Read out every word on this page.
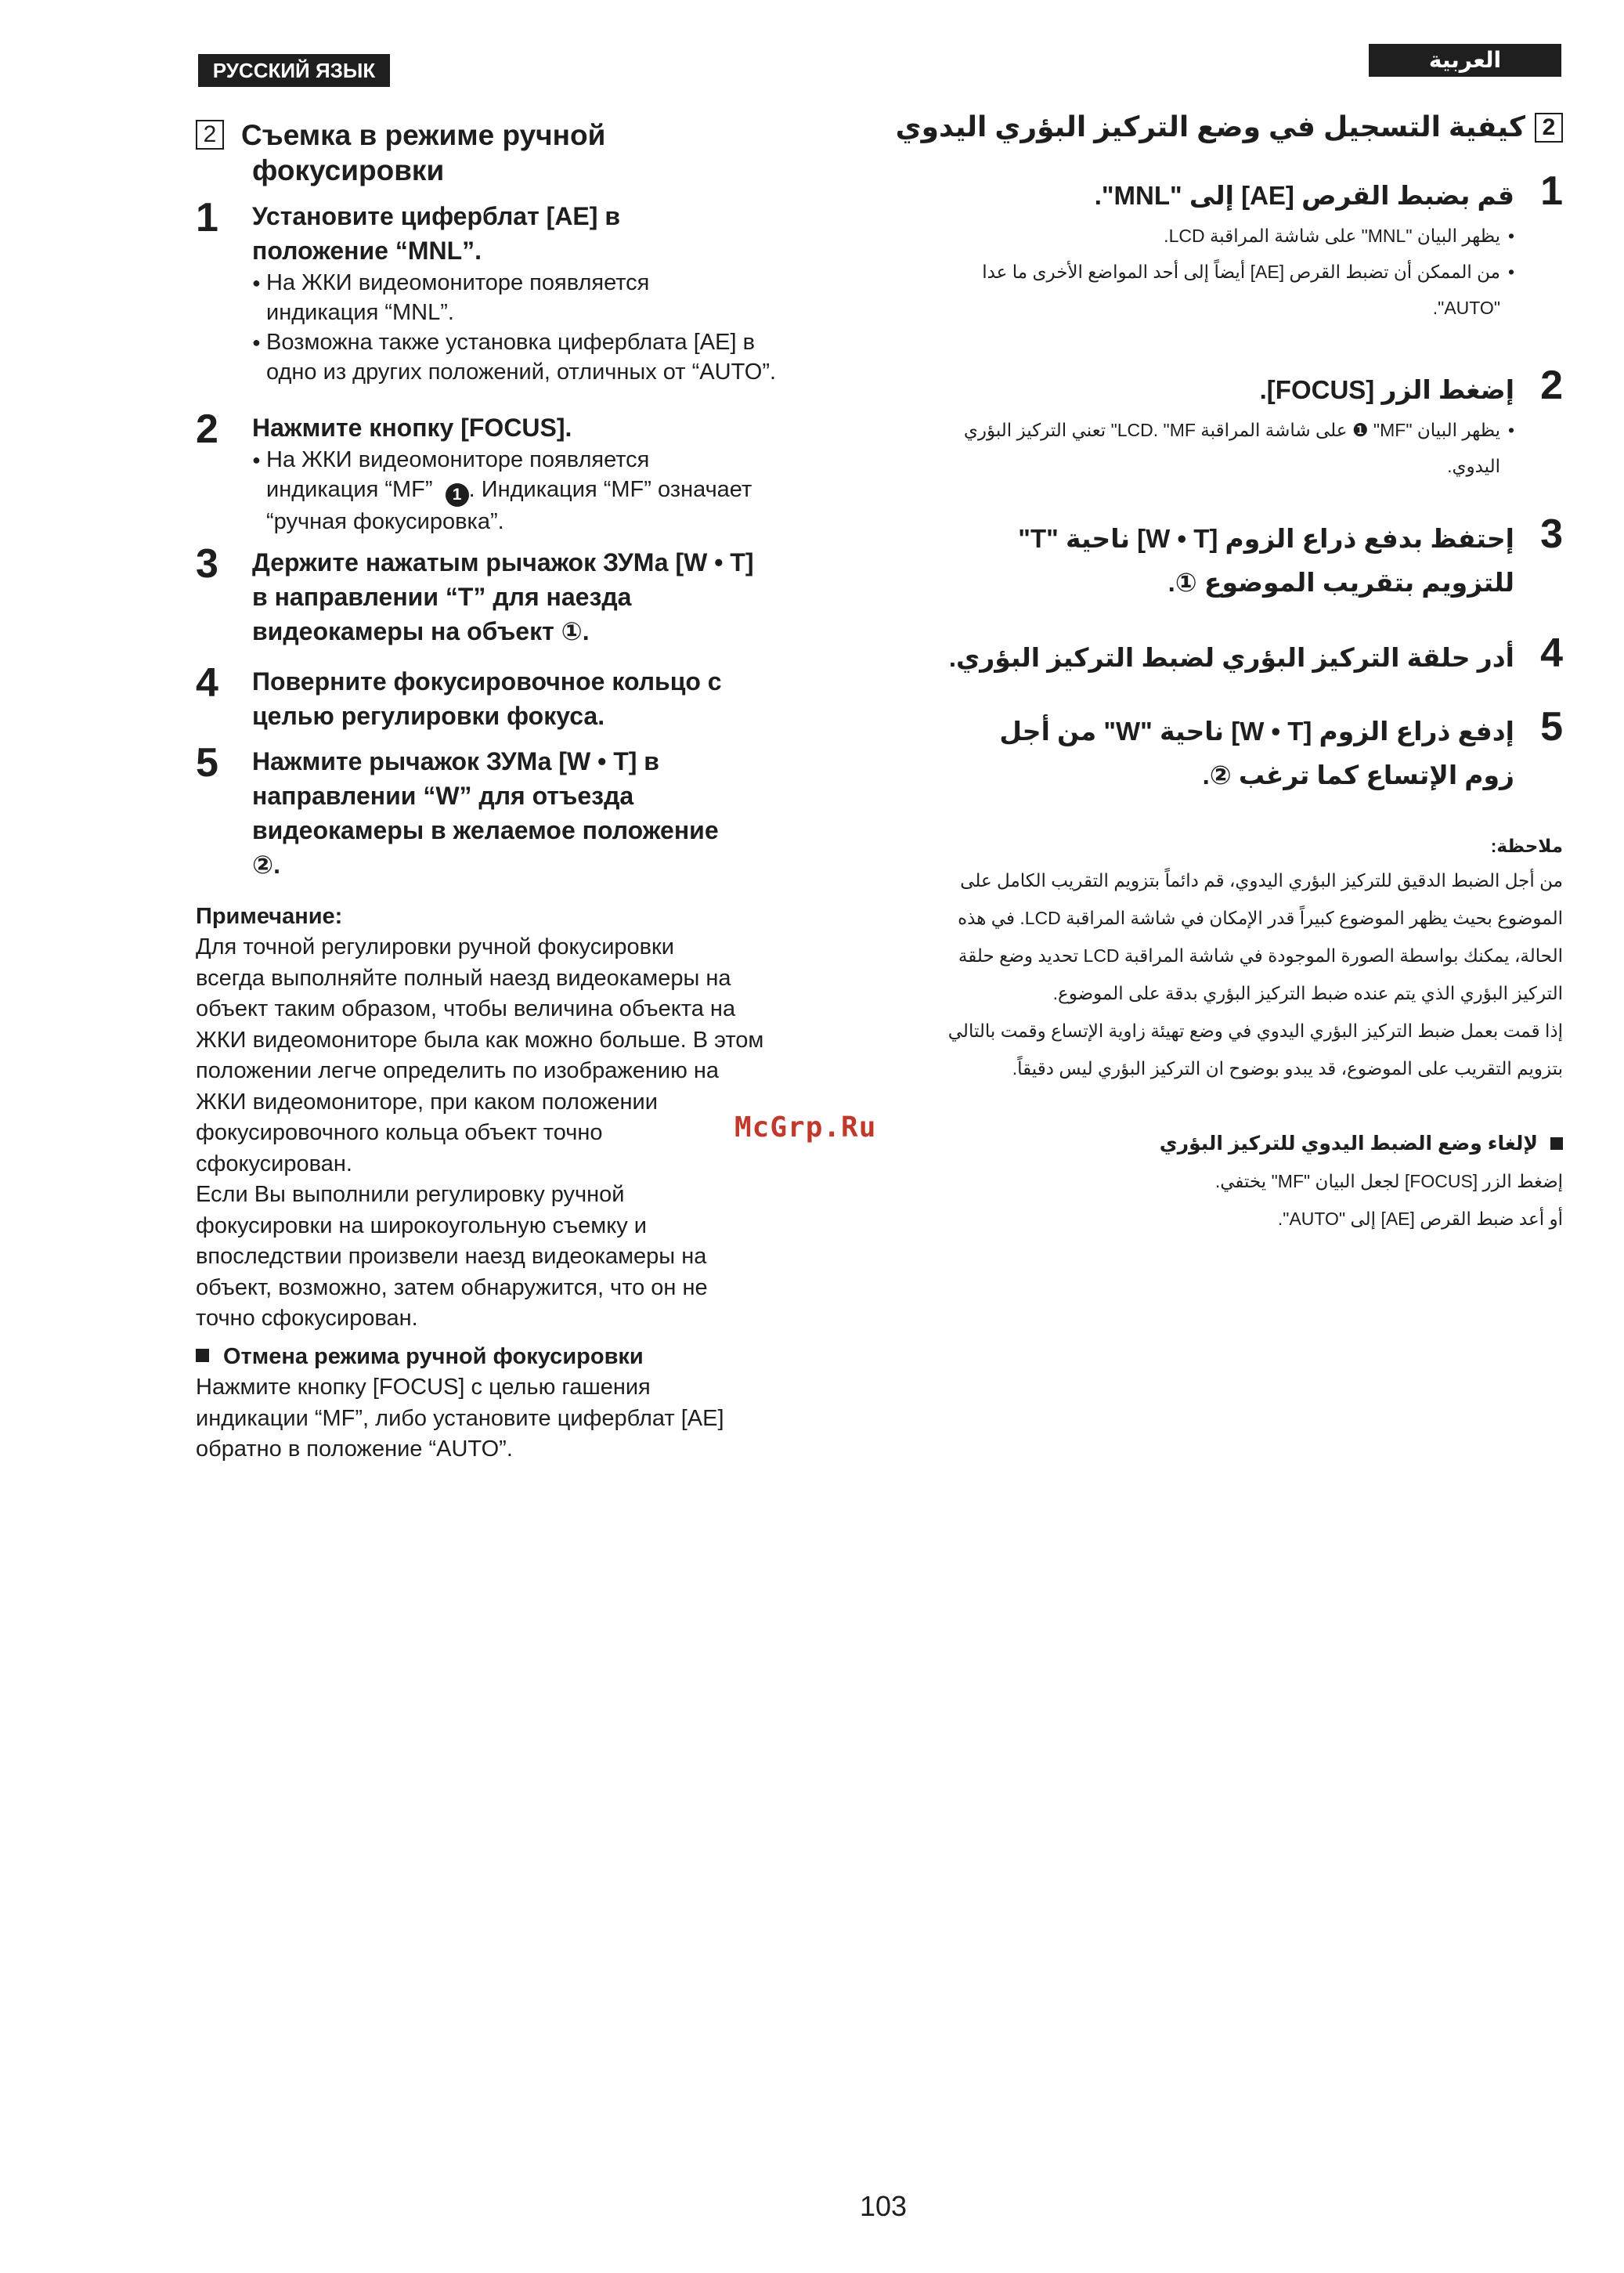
РУССКИЙ ЯЗЫК	العربية
2 Съемка в режиме ручной
фокусировки
1 Установите циферблат [AE] в
положение “MNL”.
● На ЖКИ видеомониторе появляется
индикация “MNL”.
● Возможна также установка циферблата [AE] в
одно из других положений, отличных от “AUTO”.
2 Нажмите кнопку [FOCUS].
● На ЖКИ видеомониторе появляется
индикация “MF” 1 . Индикация “MF” означает
“ручная фокусировка”.
3 Держите нажатым рычажок ЗУМа [W • T]
в направлении “T” для наезда
видеокамеры на объект ①.
4 Поверните фокусировочное кольцо с
целью регулировки фокуса.
5 Нажмите рычажок ЗУМа [W • T] в
направлении “W” для отъезда
видеокамеры в желаемое положение
②.
Примечание:
Для точной регулировки ручной фокусировки
всегда выполняйте полный наезд видеокамеры на
объект таким образом, чтобы величина объекта на
ЖКИ видеомониторе была как можно больше. В этом
положении легче определить по изображению на
ЖКИ видеомониторе, при каком положении
фокусировочного кольца объект точно
сфокусирован.
Если Вы выполнили регулировку ручной
фокусировки на широкоугольную съемку и
впоследствии произвели наезд видеокамеры на
объект, возможно, затем обнаружится, что он не
точно сфокусирован.
Отмена режима ручной фокусировки
Нажмите кнопку [FOCUS] с целью гашения
индикации “MF”, либо установите циферблат [AE]
обратно в положение “AUTO”.
2كيفية التسجيل في وضع التركيز البؤري اليدوي
1
قم بضبط القرص [AE] إلى "MNL".
• يظهر البيان "MNL" على شاشة المراقبة LCD.
• من الممكن أن تضبط القرص [AE] أيضاً إلى أحد المواضع الأخرى ما عدا "AUTO".
2
إضغط الزر [FOCUS].
• يظهر البيان "MF" ❶ على شاشة المراقبة LCD. "MF" تعني التركيز البؤري اليدوي.
3
إحتفظ بدفع ذراع الزوم [W • T] ناحية "T"
للتزويم بتقريب الموضوع ①.
4
أدر حلقة التركيز البؤري لضبط التركيز البؤري.
5
إدفع ذراع الزوم [W • T] ناحية "W" من أجل
زوم الإتساع كما ترغب ②.
ملاحظة:
من أجل الضبط الدقيق للتركيز البؤري اليدوي، قم دائماً بتزويم التقريب الكامل على
الموضوع بحيث يظهر الموضوع كبيراً قدر الإمكان في شاشة المراقبة LCD. في هذه
الحالة، يمكنك بواسطة الصورة الموجودة في شاشة المراقبة LCD تحديد وضع حلقة
التركيز البؤري الذي يتم عنده ضبط التركيز البؤري بدقة على الموضوع.
إذا قمت بعمل ضبط التركيز البؤري اليدوي في وضع تهيئة زاوية الإتساع وقمت بالتالي
بتزويم التقريب على الموضوع، قد يبدو بوضوح ان التركيز البؤري ليس دقيقاً.
لإلغاء وضع الضبط اليدوي للتركيز البؤري
إضغط الزر [FOCUS] لجعل البيان "MF" يختفي.
أو أعد ضبط القرص [AE] إلى "AUTO".
McGrp.Ru
103
